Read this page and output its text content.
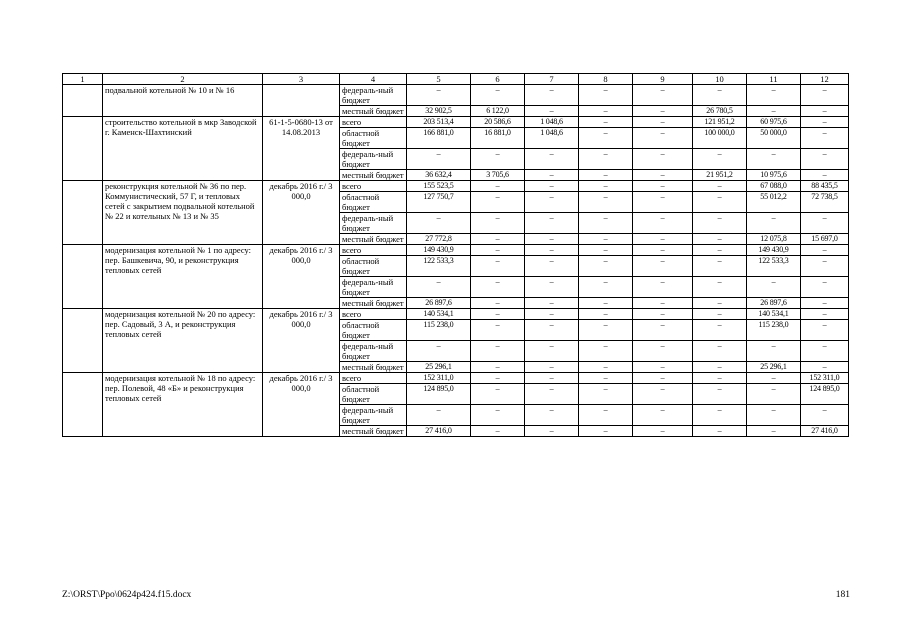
1	2	3	4	5	6	7	8	9	10	11	12
	подвальной котельной № 10 и № 16		федераль-ный бюджет	–	–	–	–	–	–	–	–
			местный бюджет	32 902,5	6 122,0	–	–	–	26 780,5	–	–
	строительство котельной в мкр Заводской г. Каменск-Шахтинский	61-1-5-0680-13 от 14.08.2013	всего	203 513,4	20 586,6	1 048,6	–	–	121 951,2	60 975,6	–
			областной бюджет	166 881,0	16 881,0	1 048,6	–	–	100 000,0	50 000,0	–
			федераль-ный бюджет	–	–	–	–	–	–	–	–
			местный бюджет	36 632,4	3 705,6	–	–	–	21 951,2	10 975,6	–
	реконструкция котельной № 36 по пер. Коммунистический, 57 Г, и тепловых сетей с закрытием подвальной котельной № 22 и котельных № 13 и № 35	декабрь 2016 г./ 3 000,0	всего	155 523,5	–	–	–	–	–	67 088,0	88 435,5
			областной бюджет	127 750,7	–	–	–	–	–	55 012,2	72 738,5
			федераль-ный бюджет	–	–	–	–	–	–	–	–
			местный бюджет	27 772,8	–	–	–	–	–	12 075,8	15 697,0
	модернизация котельной № 1 по адресу: пер. Башкевича, 90, и реконструкция тепловых сетей	декабрь 2016 г./ 3 000,0	всего	149 430,9	–	–	–	–	–	149 430,9	–
			областной бюджет	122 533,3	–	–	–	–	–	122 533,3	–
			федераль-ный бюджет	–	–	–	–	–	–	–	–
			местный бюджет	26 897,6	–	–	–	–	–	26 897,6	–
	модернизация котельной № 20 по адресу: пер. Садовый, 3 А, и реконструкция тепловых сетей	декабрь 2016 г./ 3 000,0	всего	140 534,1	–	–	–	–	–	140 534,1	–
			областной бюджет	115 238,0	–	–	–	–	–	115 238,0	–
			федераль-ный бюджет	–	–	–	–	–	–	–	–
			местный бюджет	25 296,1	–	–	–	–	–	25 296,1	–
	модернизация котельной № 18 по адресу: пер. Полевой, 48 «Б» и реконструкция тепловых сетей	декабрь 2016 г./ 3 000,0	всего	152 311,0	–	–	–	–	–	–	152 311,0
			областной бюджет	124 895,0	–	–	–	–	–	–	124 895,0
			федераль-ный бюджет	–	–	–	–	–	–	–	–
			местный бюджет	27 416,0	–	–	–	–	–	–	27 416,0
Z:\ORST\Ppo\0624p424.f15.docx	181
